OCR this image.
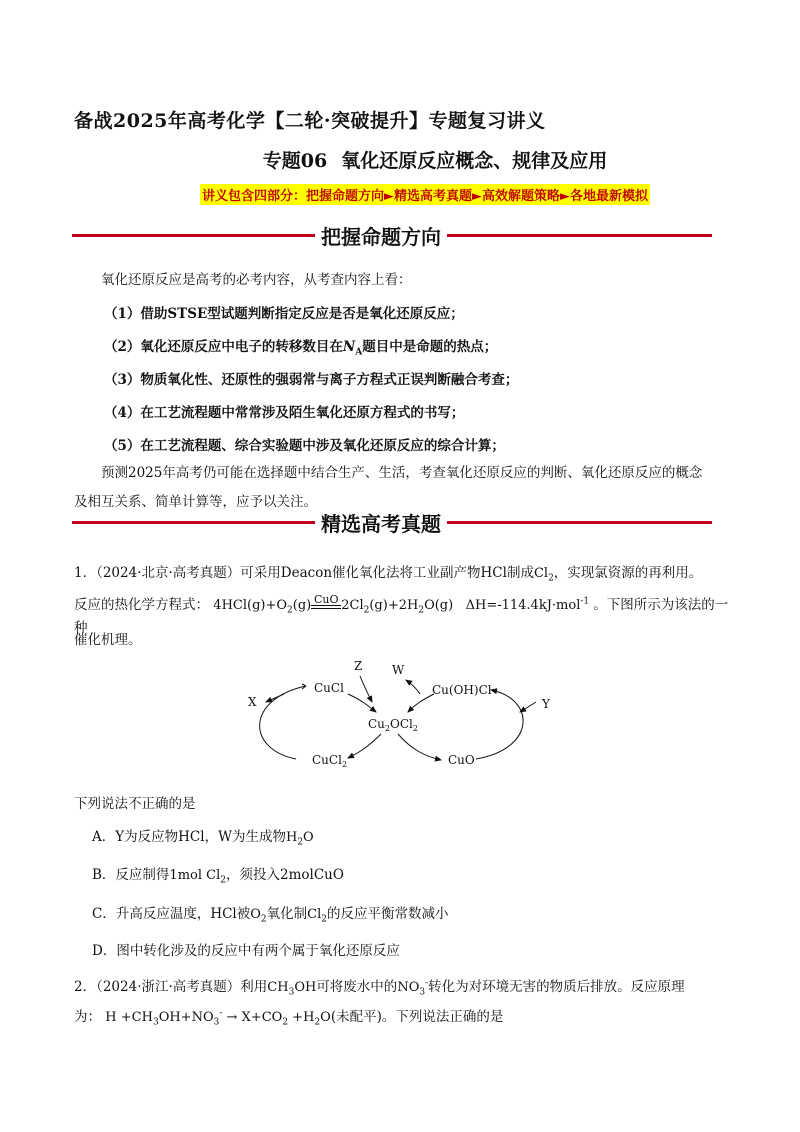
备战2025年高考化学【二轮·突破提升】专题复习讲义
专题06 氧化还原反应概念、规律及应用
讲义包含四部分：把握命题方向►精选高考真题►高效解题策略►各地最新模拟
把握命题方向
氧化还原反应是高考的必考内容，从考查内容上看：
（1）借助STSE型试题判断指定反应是否是氧化还原反应；
（2）氧化还原反应中电子的转移数目在$N_A$题目中是命题的热点；
（3）物质氧化性、还原性的强弱常与离子方程式正误判断融合考查；
（4）在工艺流程题中常常涉及陌生氧化还原方程式的书写；
（5）在工艺流程题、综合实验题中涉及氧化还原反应的综合计算；
预测2025年高考仍可能在选择题中结合生产、生活，考查氧化还原反应的判断、氧化还原反应的概念
及相互关系、简单计算等，应予以关注。
精选高考真题
1．（2024·北京·高考真题）可采用Deacon催化氧化法将工业副产物HCl制成$Cl_2$，实现氯资源的再利用。
反应的热化学方程式： $4HCl(g)+O_2(g)$ CuO $2Cl_2(g)+2H_2O(g)$ ΔH=-114.4kJ·mol$^{-1}$ 。下图所示为该法的一种
催化机理。
CuCl	Cu(OH)Cl
$Cu_2OCl_2$
CuCl$_2$	CuO
X	Y
Z W
下列说法不正确的是
A．Y为反应物HCl，W为生成物$H_2O$
B．反应制得1mol $Cl_2$，须投入2molCuO
C．升高反应温度，HCl被$O_2$氧化制$Cl_2$的反应平衡常数减小
D．图中转化涉及的反应中有两个属于氧化还原反应
2．（2024·浙江·高考真题）利用$CH_3OH$可将废水中的$NO_3^-$转化为对环境无害的物质后排放。反应原理
为： $H +CH_3OH+NO_3^- \to X+CO_2 +H_2O$(未配平)。下列说法正确的是
